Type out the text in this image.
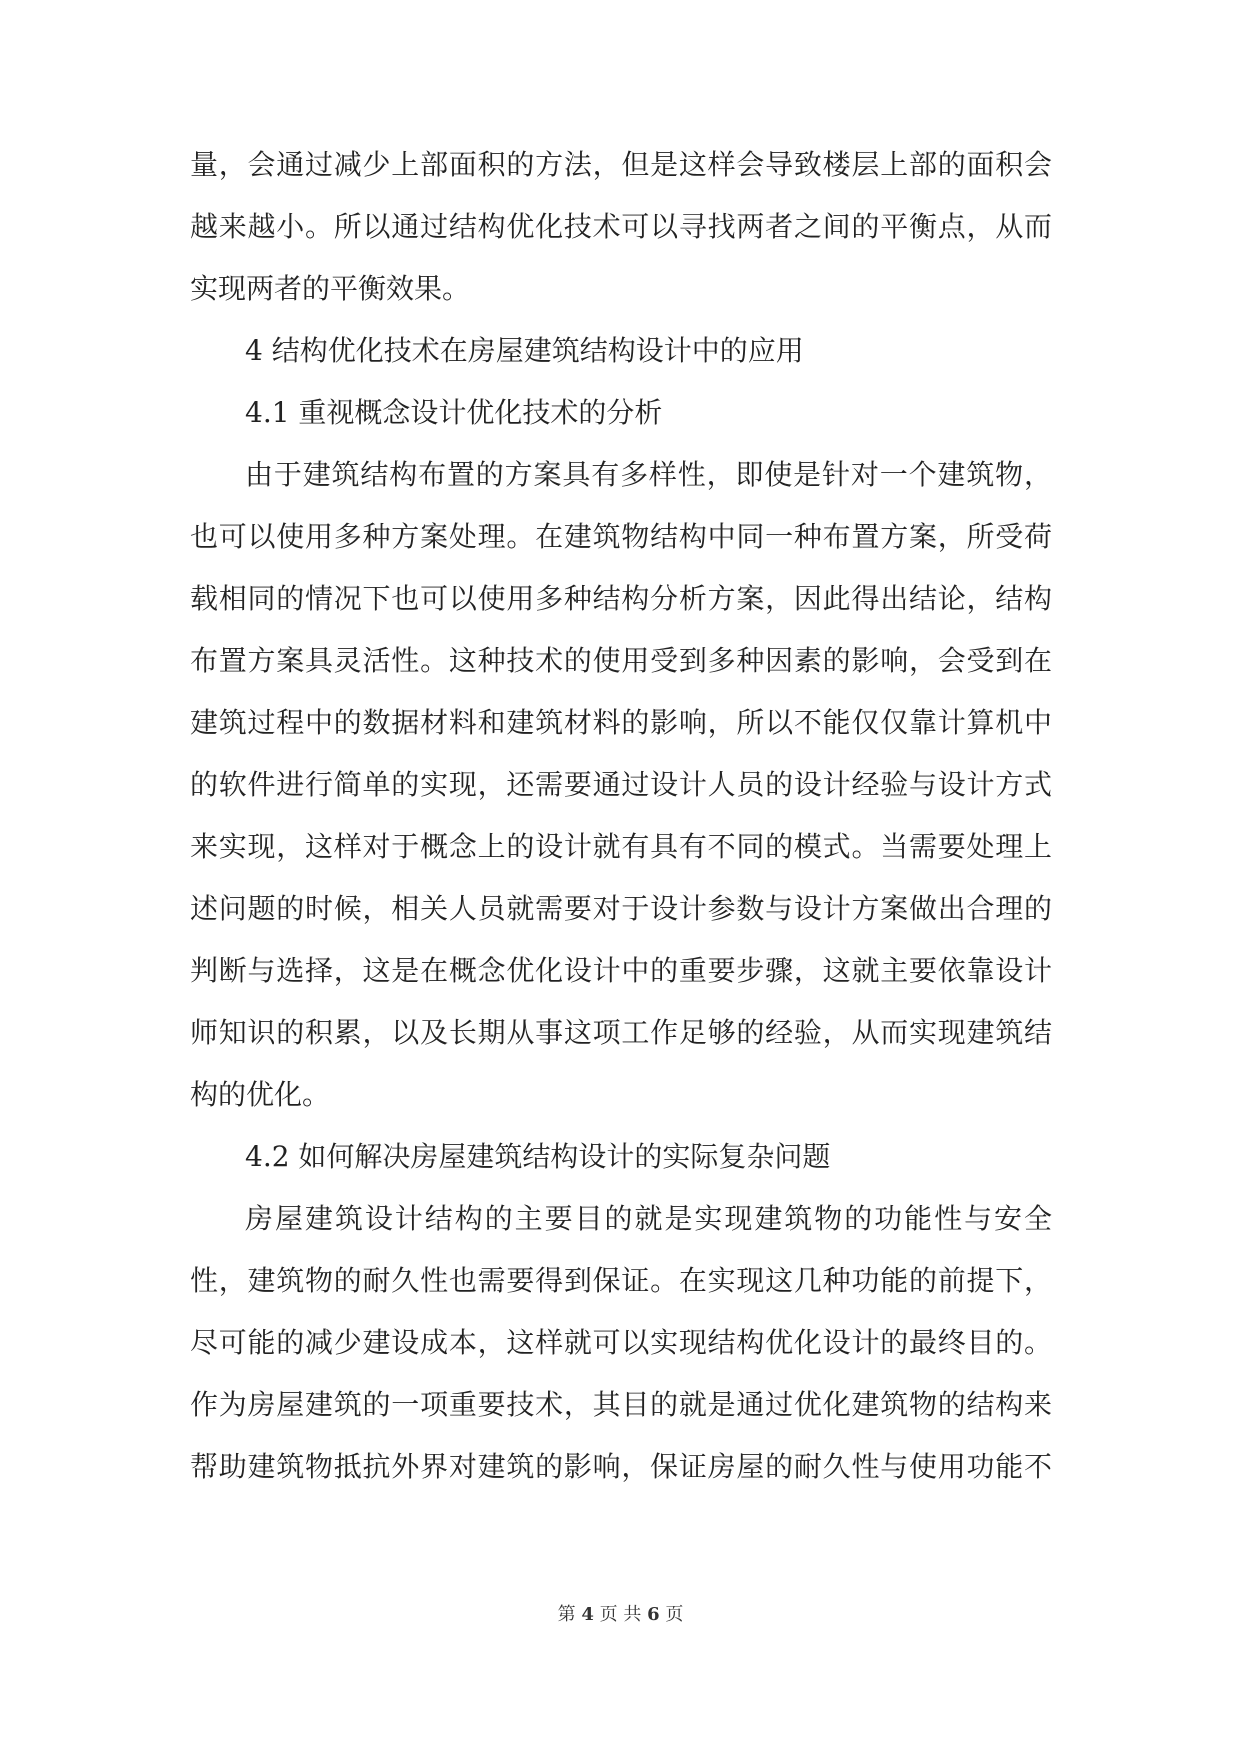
量，会通过减少上部面积的方法，但是这样会导致楼层上部的面积会
越来越小。所以通过结构优化技术可以寻找两者之间的平衡点，从而
实现两者的平衡效果。
4 结构优化技术在房屋建筑结构设计中的应用
4.1 重视概念设计优化技术的分析
由于建筑结构布置的方案具有多样性，即使是针对一个建筑物，
也可以使用多种方案处理。在建筑物结构中同一种布置方案，所受荷
载相同的情况下也可以使用多种结构分析方案，因此得出结论，结构
布置方案具灵活性。这种技术的使用受到多种因素的影响，会受到在
建筑过程中的数据材料和建筑材料的影响，所以不能仅仅靠计算机中
的软件进行简单的实现，还需要通过设计人员的设计经验与设计方式
来实现，这样对于概念上的设计就有具有不同的模式。当需要处理上
述问题的时候，相关人员就需要对于设计参数与设计方案做出合理的
判断与选择，这是在概念优化设计中的重要步骤，这就主要依靠设计
师知识的积累，以及长期从事这项工作足够的经验，从而实现建筑结
构的优化。
4.2 如何解决房屋建筑结构设计的实际复杂问题
房屋建筑设计结构的主要目的就是实现建筑物的功能性与安全
性，建筑物的耐久性也需要得到保证。在实现这几种功能的前提下，
尽可能的减少建设成本，这样就可以实现结构优化设计的最终目的。
作为房屋建筑的一项重要技术，其目的就是通过优化建筑物的结构来
帮助建筑物抵抗外界对建筑的影响，保证房屋的耐久性与使用功能不
第 4 页 共 6 页
